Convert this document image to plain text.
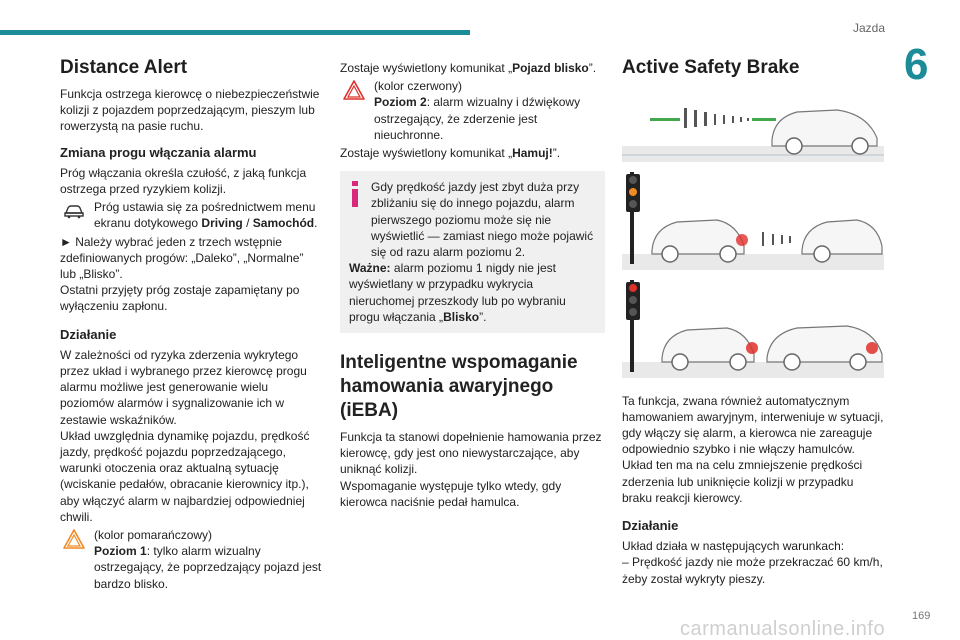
Jazda
6
Distance Alert

Funkcja ostrzega kierowcę o niebezpieczeństwie kolizji z pojazdem poprzedzającym, pieszym lub rowerzystą na pasie ruchu.

Zmiana progu włączania alarmu

Próg włączania określa czułość, z jaką funkcja ostrzega przed ryzykiem kolizji.

Próg ustawia się za pośrednictwem menu ekranu dotykowego Driving / Samochód.

► Należy wybrać jeden z trzech wstępnie zdefiniowanych progów: „Daleko”, „Normalne” lub „Blisko”.

Ostatni przyjęty próg zostaje zapamiętany po wyłączeniu zapłonu.

Działanie

W zależności od ryzyka zderzenia wykrytego przez układ i wybranego przez kierowcę progu alarmu możliwe jest generowanie wielu poziomów alarmów i sygnalizowanie ich w zestawie wskaźników.

Układ uwzględnia dynamikę pojazdu, prędkość jazdy, prędkość pojazdu poprzedzającego, warunki otoczenia oraz aktualną sytuację (wciskanie pedałów, obracanie kierownicy itp.), aby włączyć alarm w najbardziej odpowiedniej chwili.

(kolor pomarańczowy)
Poziom 1: tylko alarm wizualny ostrzegający, że poprzedzający pojazd jest bardzo blisko.

Zostaje wyświetlony komunikat „Pojazd blisko”.

(kolor czerwony)
Poziom 2: alarm wizualny i dźwiękowy ostrzegający, że zderzenie jest nieuchronne.

Zostaje wyświetlony komunikat „Hamuj!”.

Gdy prędkość jazdy jest zbyt duża przy zbliżaniu się do innego pojazdu, alarm pierwszego poziomu może się nie wyświetlić — zamiast niego może pojawić się od razu alarm poziomu 2.
Ważne: alarm poziomu 1 nigdy nie jest wyświetlany w przypadku wykrycia nieruchomej przeszkody lub po wybraniu progu włączania „Blisko”.
Inteligentne wspomaganie hamowania awaryjnego (iEBA)

Funkcja ta stanowi dopełnienie hamowania przez kierowcę, gdy jest ono niewystarczające, aby uniknąć kolizji.

Wspomaganie występuje tylko wtedy, gdy kierowca naciśnie pedał hamulca.

Active Safety Brake

Ta funkcja, zwana również automatycznym hamowaniem awaryjnym, interweniuje w sytuacji, gdy włączy się alarm, a kierowca nie zareaguje odpowiednio szybko i nie włączy hamulców.

Układ ten ma na celu zmniejszenie prędkości zderzenia lub uniknięcie kolizji w przypadku braku reakcji kierowcy.

Działanie

Układ działa w następujących warunkach:

– Prędkość jazdy nie może przekraczać 60 km/h, żeby został wykryty pieszy.

169
carmanualsonline.info
